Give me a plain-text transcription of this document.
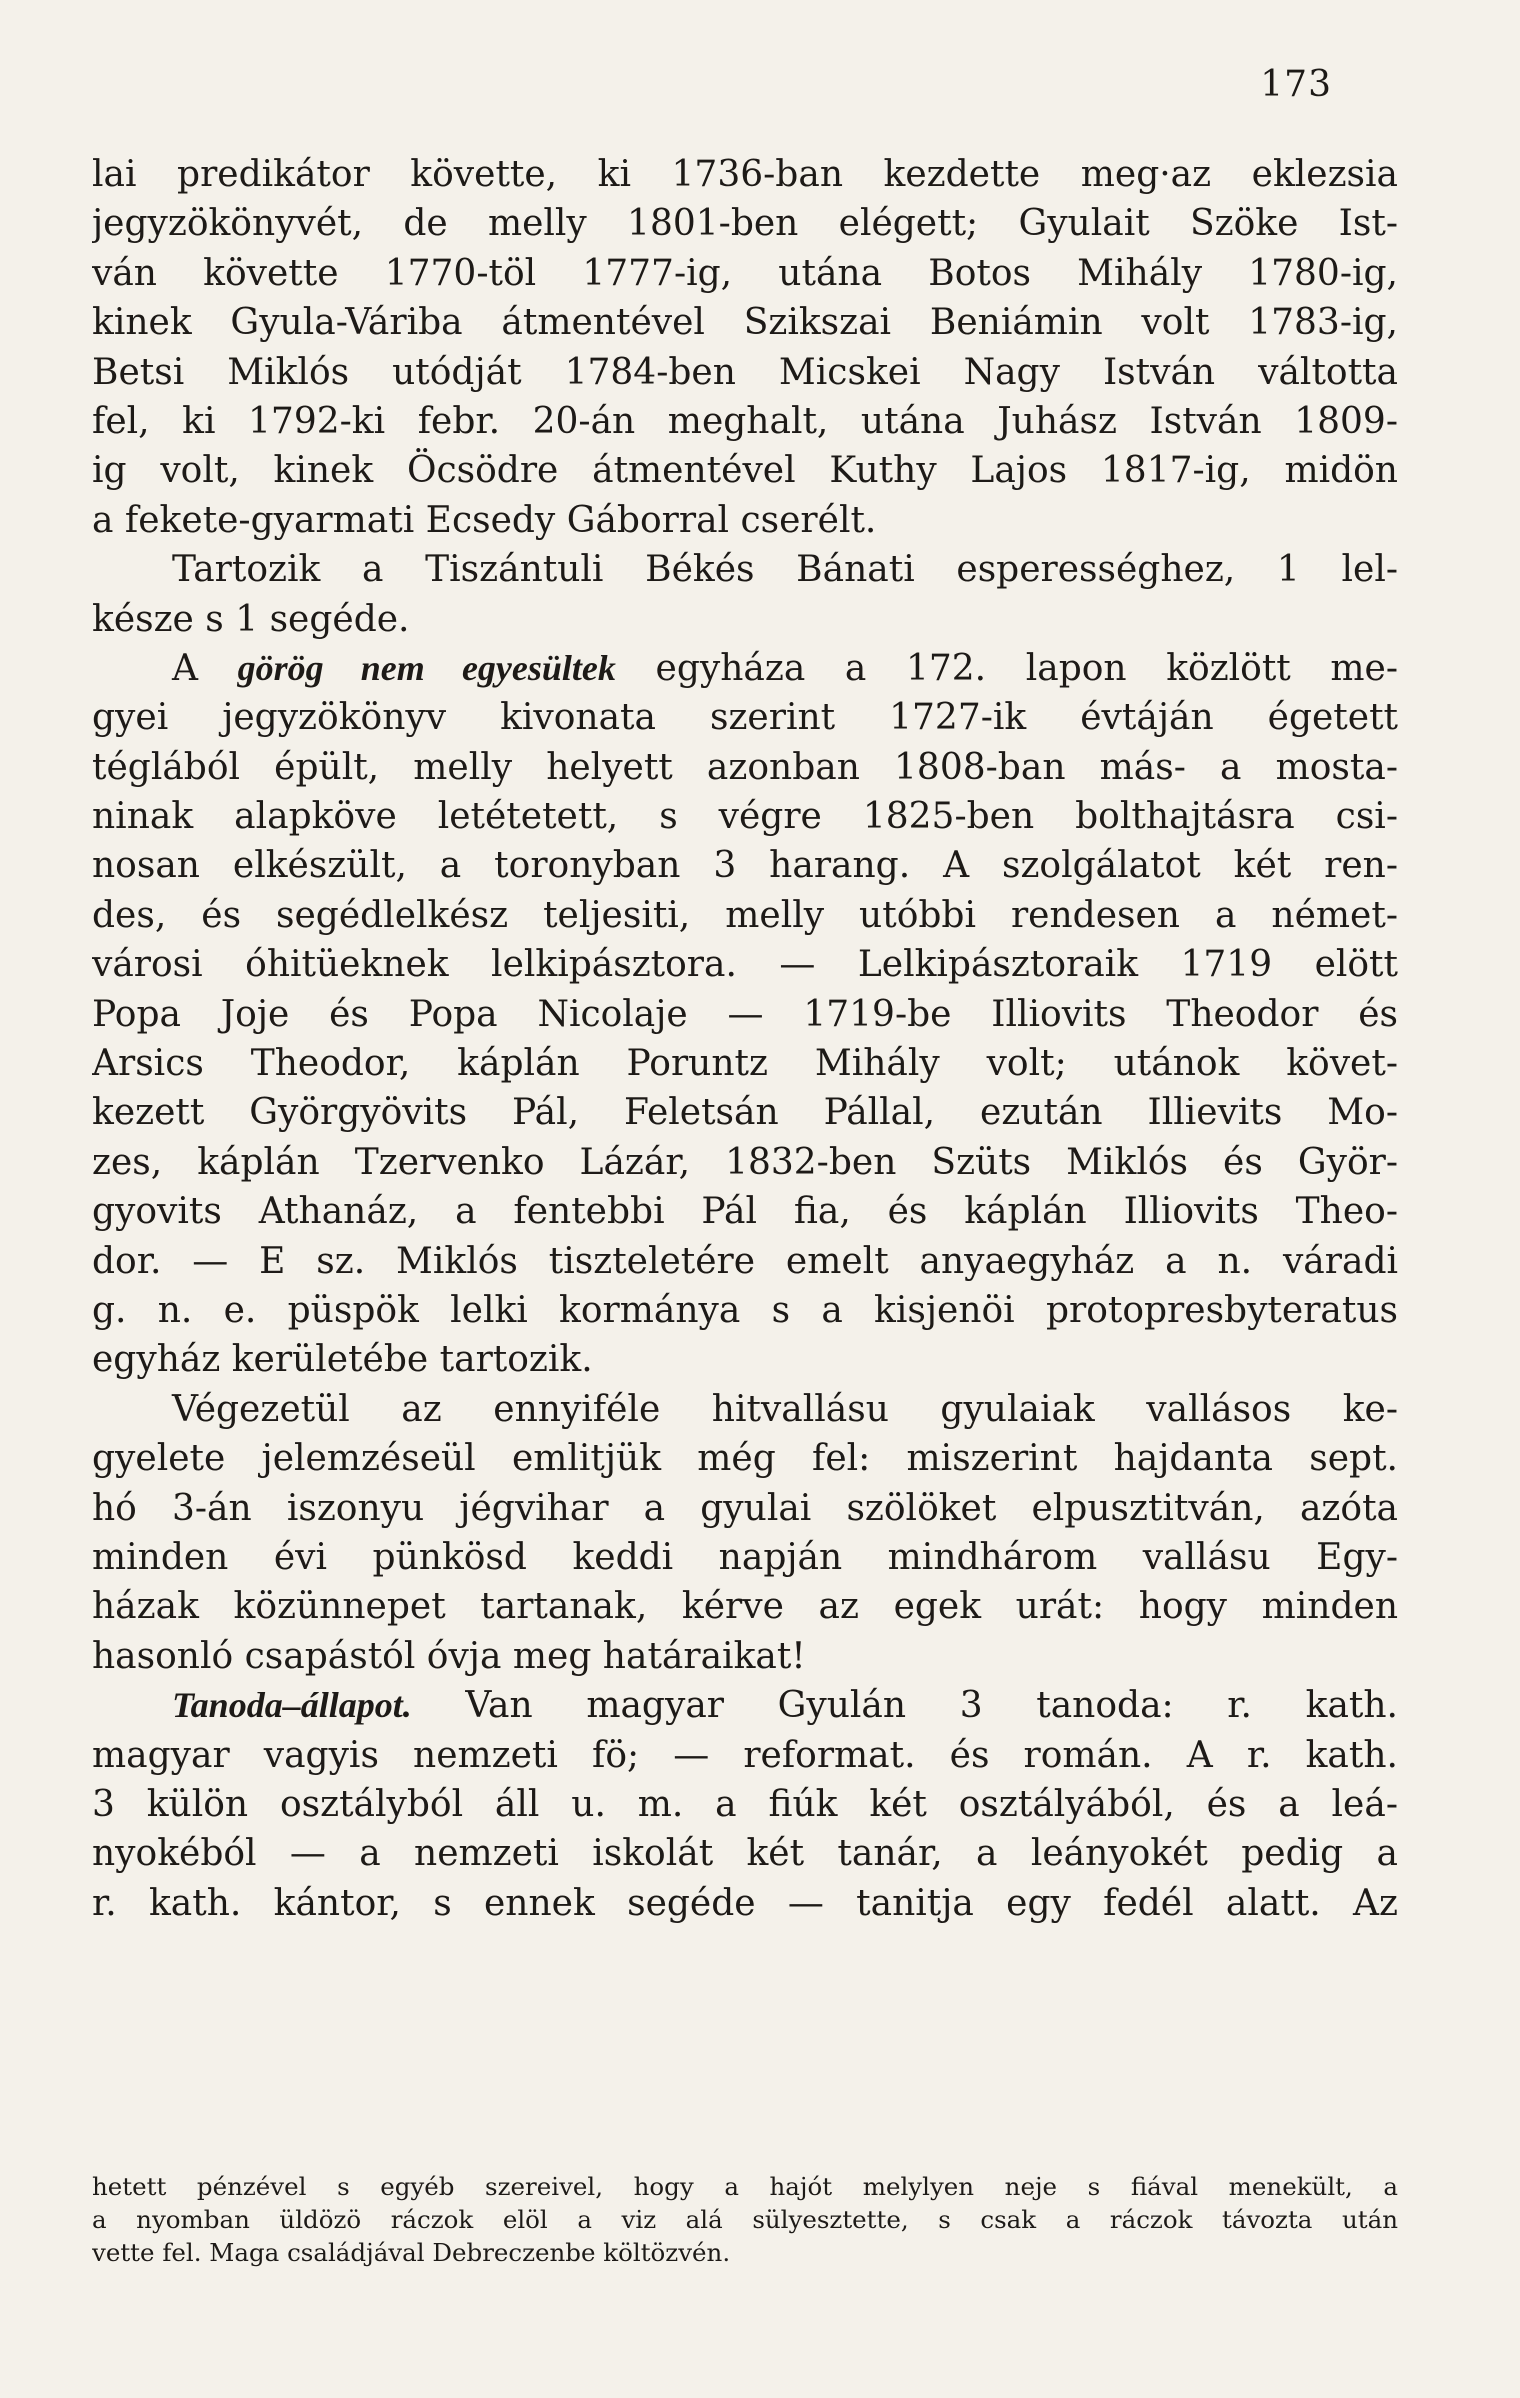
173
lai predikátor követte, ki 1736-ban kezdette meg·az eklezsia
jegyzökönyvét, de melly 1801-ben elégett; Gyulait Szöke Ist-
ván követte 1770-töl 1777-ig, utána Botos Mihály 1780-ig,
kinek Gyula-Váriba átmentével Szikszai Beniámin volt 1783-ig,
Betsi Miklós utódját 1784-ben Micskei Nagy István váltotta
fel, ki 1792-ki febr. 20-án meghalt, utána Juhász István 1809-
ig volt, kinek Öcsödre átmentével Kuthy Lajos 1817-ig, midön
a fekete-gyarmati Ecsedy Gáborral cserélt.
Tartozik a Tiszántuli Békés Bánati esperességhez, 1 lel-
késze s 1 segéde.
A görög nem egyesültek egyháza a 172. lapon közlött me-
gyei jegyzökönyv kivonata szerint 1727-ik évtáján égetett
téglából épült, melly helyett azonban 1808-ban más- a mosta-
ninak alapköve letétetett, s végre 1825-ben bolthajtásra csi-
nosan elkészült, a toronyban 3 harang. A szolgálatot két ren-
des, és segédlelkész teljesiti, melly utóbbi rendesen a német-
városi óhitüeknek lelkipásztora. — Lelkipásztoraik 1719 elött
Popa Joje és Popa Nicolaje — 1719-be Illiovits Theodor és
Arsics Theodor, káplán Poruntz Mihály volt; utánok követ-
kezett Györgyövits Pál, Feletsán Pállal, ezután Illievits Mo-
zes, káplán Tzervenko Lázár, 1832-ben Szüts Miklós és Györ-
gyovits Athanáz, a fentebbi Pál fia, és káplán Illiovits Theo-
dor. — E sz. Miklós tiszteletére emelt anyaegyház a n. váradi
g. n. e. püspök lelki kormánya s a kisjenöi protopresbyteratus
egyház kerületébe tartozik.
Végezetül az ennyiféle hitvallásu gyulaiak vallásos ke-
gyelete jelemzéseül emlitjük még fel: miszerint hajdanta sept.
hó 3-án iszonyu jégvihar a gyulai szölöket elpusztitván, azóta
minden évi pünkösd keddi napján mindhárom vallásu Egy-
házak közünnepet tartanak, kérve az egek urát: hogy minden
hasonló csapástól óvja meg határaikat!
Tanoda–állapot. Van magyar Gyulán 3 tanoda: r. kath.
magyar vagyis nemzeti fö; — reformat. és román. A r. kath.
3 külön osztályból áll u. m. a fiúk két osztályából, és a leá-
nyokéból — a nemzeti iskolát két tanár, a leányokét pedig a
r. kath. kántor, s ennek segéde — tanitja egy fedél alatt. Az
hetett pénzével s egyéb szereivel, hogy a hajót melylyen neje s fiával menekült, a
a nyomban üldözö ráczok elöl a viz alá sülyesztette, s csak a ráczok távozta után
vette fel. Maga családjával Debreczenbe költözvén.
